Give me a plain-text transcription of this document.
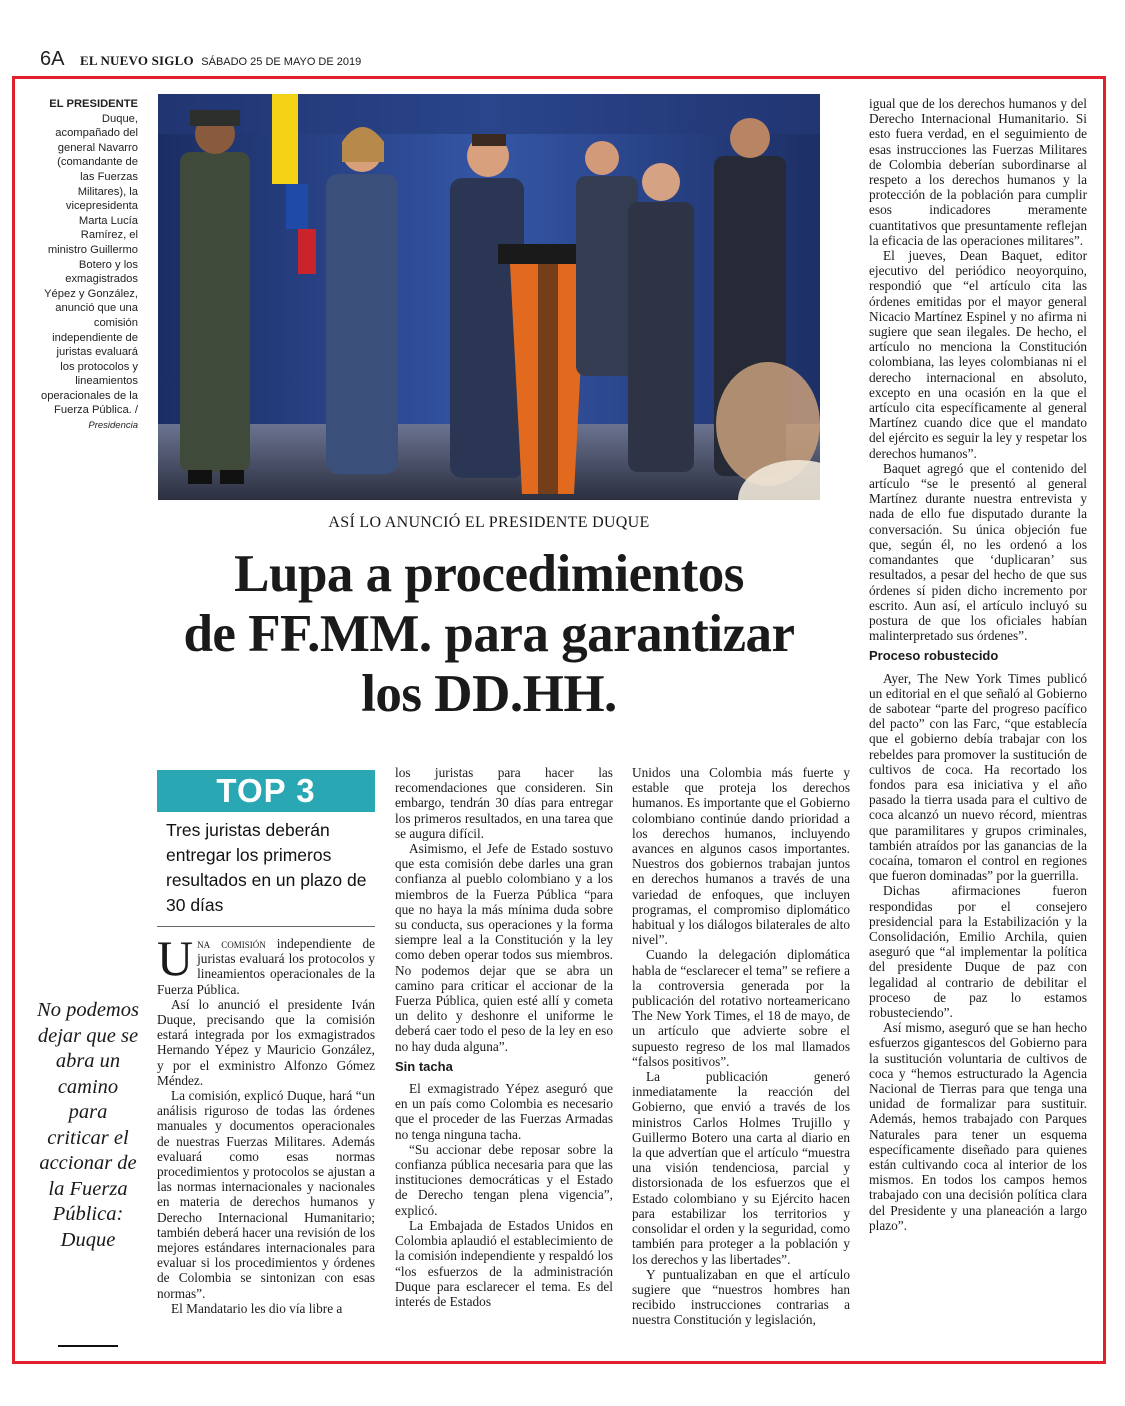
6A EL NUEVO SIGLO SÁBADO 25 DE MAYO DE 2019
EL PRESIDENTE
Duque, acompañado del general Navarro (comandante de las Fuerzas Militares), la vicepresidenta Marta Lucía Ramírez, el ministro Guillermo Botero y los exmagistrados Yépez y González, anunció que una comisión independiente de juristas evaluará los protocolos y lineamientos operacionales de la Fuerza Pública. /
Presidencia
ASÍ LO ANUNCIÓ EL PRESIDENTE DUQUE
Lupa a procedimientos
de FF.MM. para garantizar
los DD.HH.
TOP 3
Tres juristas deberán entregar los primeros resultados en un plazo de 30 días
No podemos dejar que se abra un camino para criticar el accionar de la Fuerza Pública: Duque

Una comisión independiente de juristas evaluará los protocolos y lineamientos operacionales de la Fuerza Pública.

Así lo anunció el presidente Iván Duque, precisando que la comisión estará integrada por los exmagistrados Hernando Yépez y Mauricio González, y por el exministro Alfonzo Gómez Méndez.

La comisión, explicó Duque, hará “un análisis riguroso de todas las órdenes manuales y documentos operacionales de nuestras Fuerzas Militares. Además evaluará como esas normas procedimientos y protocolos se ajustan a las normas internacionales y nacionales en materia de derechos humanos y Derecho Internacional Humanitario; también deberá hacer una revisión de los mejores estándares internacionales para evaluar si los procedimientos y órdenes de Colombia se sintonizan con esas normas”.

El Mandatario les dio vía libre a

los juristas para hacer las recomendaciones que consideren. Sin embargo, tendrán 30 días para entregar los primeros resultados, en una tarea que se augura difícil.

Asimismo, el Jefe de Estado sostuvo que esta comisión debe darles una gran confianza al pueblo colombiano y a los miembros de la Fuerza Pública “para que no haya la más mínima duda sobre su conducta, sus operaciones y la forma siempre leal a la Constitución y la ley como deben operar todos sus miembros. No podemos dejar que se abra un camino para criticar el accionar de la Fuerza Pública, quien esté allí y cometa un delito y deshonre el uniforme le deberá caer todo el peso de la ley en eso no hay duda alguna”.

Sin tacha

El exmagistrado Yépez aseguró que en un país como Colombia es necesario que el proceder de las Fuerzas Armadas no tenga ninguna tacha.

“Su accionar debe reposar sobre la confianza pública necesaria para que las instituciones democráticas y el Estado de Derecho tengan plena vigencia”, explicó.

La Embajada de Estados Unidos en Colombia aplaudió el establecimiento de la comisión independiente y respaldó los “los esfuerzos de la administración Duque para esclarecer el tema. Es del interés de Estados

Unidos una Colombia más fuerte y estable que proteja los derechos humanos. Es importante que el Gobierno colombiano continúe dando prioridad a los derechos humanos, incluyendo avances en algunos casos importantes. Nuestros dos gobiernos trabajan juntos en derechos humanos a través de una variedad de enfoques, que incluyen programas, el compromiso diplomático habitual y los diálogos bilaterales de alto nivel”.

Cuando la delegación diplomática habla de “esclarecer el tema” se refiere a la controversia generada por la publicación del rotativo norteamericano The New York Times, el 18 de mayo, de un artículo que advierte sobre el supuesto regreso de los mal llamados “falsos positivos”.

La publicación generó inmediatamente la reacción del Gobierno, que envió a través de los ministros Carlos Holmes Trujillo y Guillermo Botero una carta al diario en la que advertían que el artículo “muestra una visión tendenciosa, parcial y distorsionada de los esfuerzos que el Estado colombiano y su Ejército hacen para estabilizar los territorios y consolidar el orden y la seguridad, como también para proteger a la población y los derechos y las libertades”.

Y puntualizaban en que el artículo sugiere que “nuestros hombres han recibido instrucciones contrarias a nuestra Constitución y legislación,

igual que de los derechos humanos y del Derecho Internacional Humanitario. Si esto fuera verdad, en el seguimiento de esas instrucciones las Fuerzas Militares de Colombia deberían subordinarse al respeto a los derechos humanos y la protección de la población para cumplir esos indicadores meramente cuantitativos que presuntamente reflejan la eficacia de las operaciones militares”.

El jueves, Dean Baquet, editor ejecutivo del periódico neoyorquino, respondió que “el artículo cita las órdenes emitidas por el mayor general Nicacio Martínez Espinel y no afirma ni sugiere que sean ilegales. De hecho, el artículo no menciona la Constitución colombiana, las leyes colombianas ni el derecho internacional en absoluto, excepto en una ocasión en la que el artículo cita específicamente al general Martínez cuando dice que el mandato del ejército es seguir la ley y respetar los derechos humanos”.

Baquet agregó que el contenido del artículo “se le presentó al general Martínez durante nuestra entrevista y nada de ello fue disputado durante la conversación. Su única objeción fue que, según él, no les ordenó a los comandantes que ‘duplicaran’ sus resultados, a pesar del hecho de que sus órdenes sí piden dicho incremento por escrito. Aun así, el artículo incluyó su postura de que los oficiales habían malinterpretado sus órdenes”.

Proceso robustecido

Ayer, The New York Times publicó un editorial en el que señaló al Gobierno de sabotear “parte del progreso pacífico del pacto” con las Farc, “que establecía que el gobierno debía trabajar con los rebeldes para promover la sustitución de cultivos de coca. Ha recortado los fondos para esa iniciativa y el año pasado la tierra usada para el cultivo de coca alcanzó un nuevo récord, mientras que paramilitares y grupos criminales, también atraídos por las ganancias de la cocaína, tomaron el control en regiones que fueron dominadas” por la guerrilla.

Dichas afirmaciones fueron respondidas por el consejero presidencial para la Estabilización y la Consolidación, Emilio Archila, quien aseguró que “al implementar la política del presidente Duque de paz con legalidad al contrario de debilitar el proceso de paz lo estamos robusteciendo”.

Así mismo, aseguró que se han hecho esfuerzos gigantescos del Gobierno para la sustitución voluntaria de cultivos de coca y “hemos estructurado la Agencia Nacional de Tierras para que tenga una unidad de formalizar para sustituir. Además, hemos trabajado con Parques Naturales para tener un esquema específicamente diseñado para quienes están cultivando coca al interior de los mismos. En todos los campos hemos trabajado con una decisión política clara del Presidente y una planeación a largo plazo”.
